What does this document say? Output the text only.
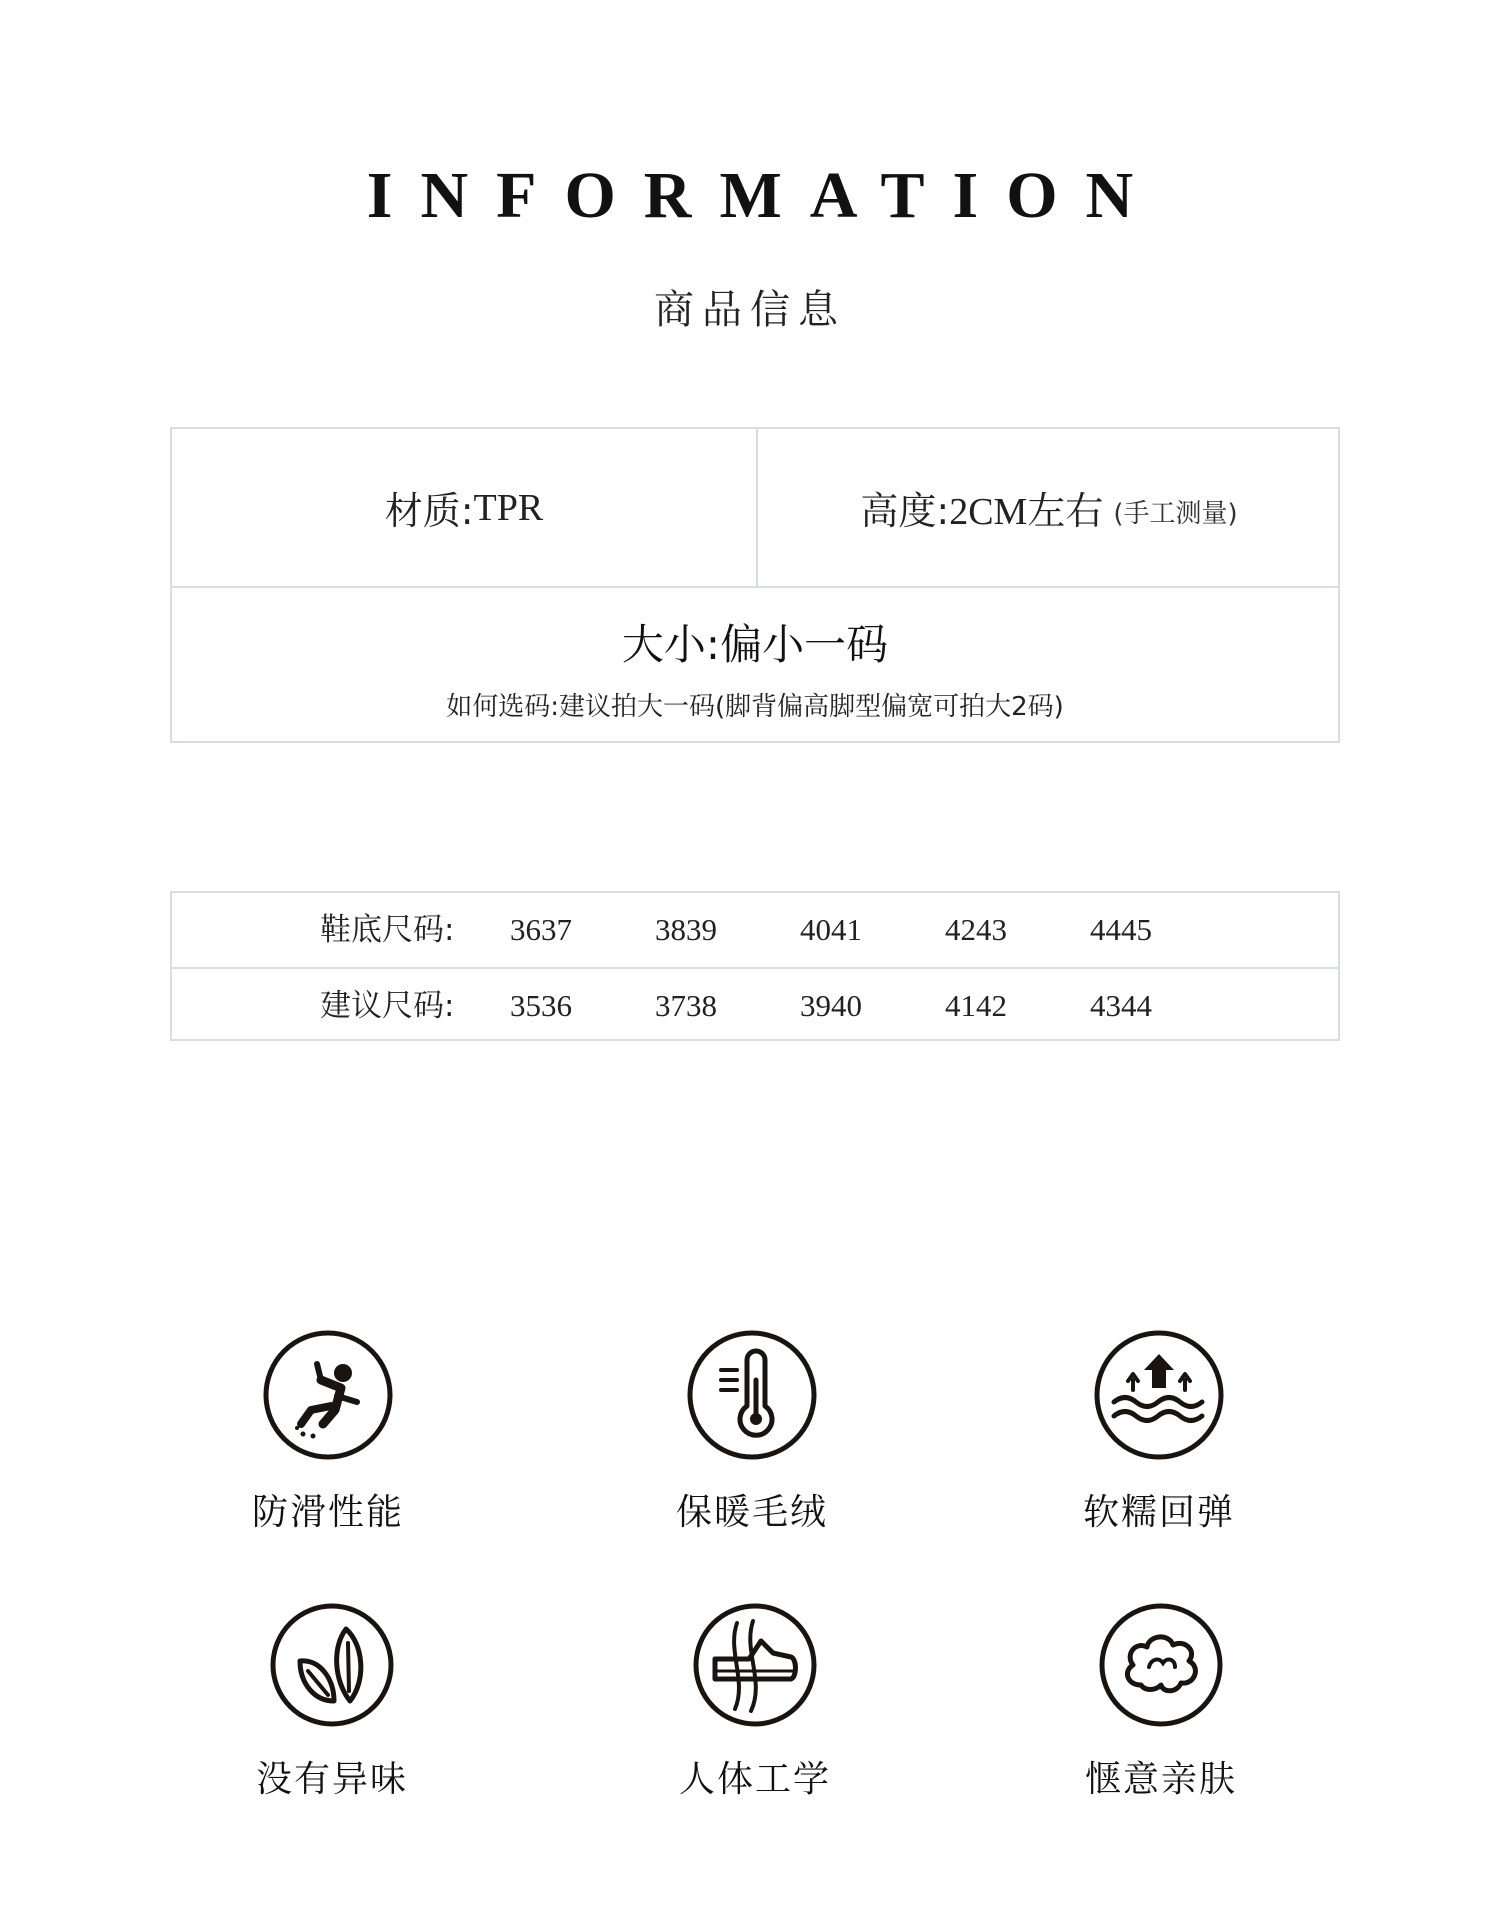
INFORMATION
商品信息
材质: TPR	高度: 2CM左右 (手工测量)
大小:偏小一码
如何选码:建议拍大一码(脚背偏高脚型偏宽可拍大2码)
鞋底尺码: 3637	3839	4041	4243	4445
建议尺码: 3536	3738	3940	4142	4344
防滑性能	保暖毛绒	软糯回弹
没有异味	人体工学	惬意亲肤
